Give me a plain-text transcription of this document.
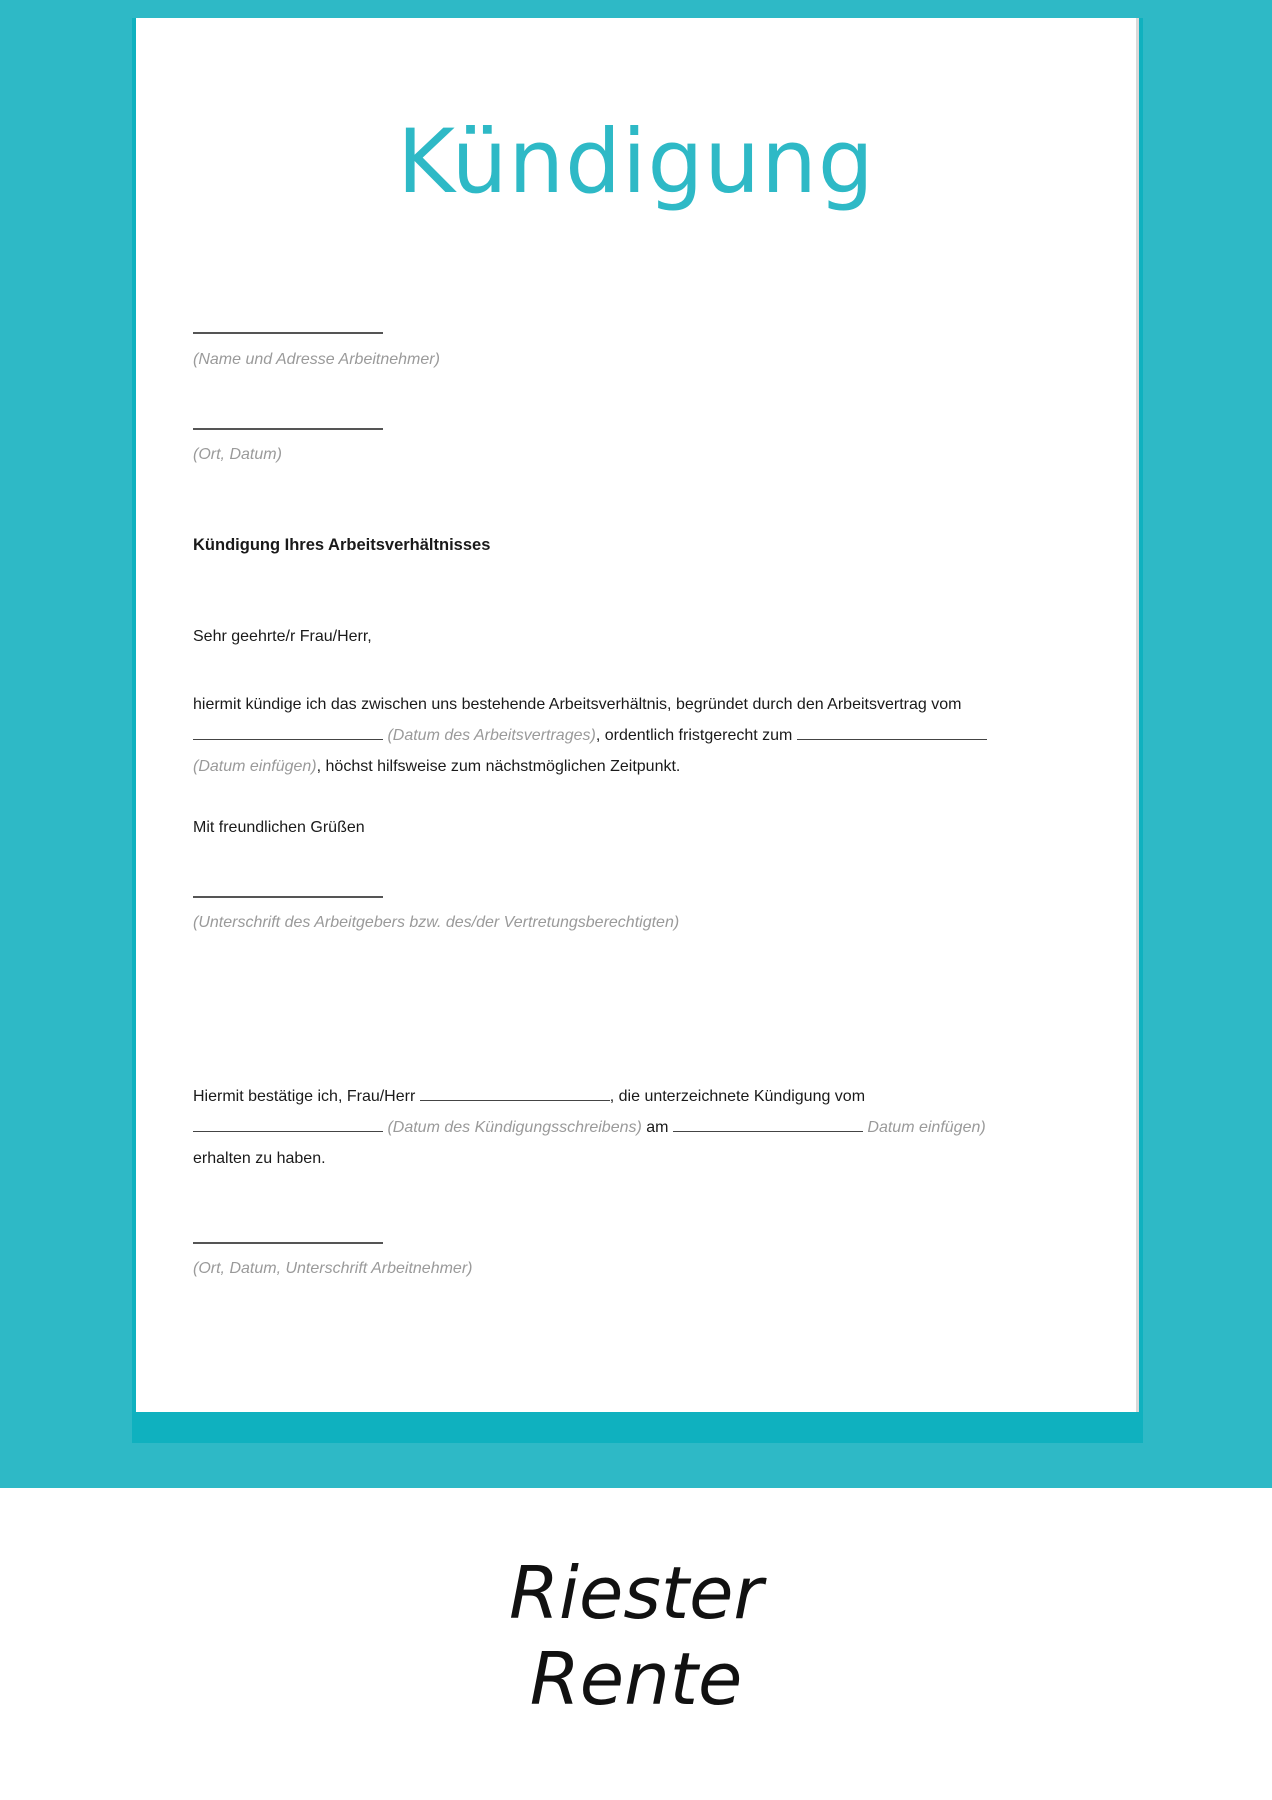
Kündigung
(Name und Adresse Arbeitnehmer)
(Ort, Datum)
Kündigung Ihres Arbeitsverhältnisses
Sehr geehrte/r Frau/Herr,
hiermit kündige ich das zwischen uns bestehende Arbeitsverhältnis, begründet durch den Arbeitsvertrag vom
(Datum des Arbeitsvertrages), ordentlich fristgerecht zum
(Datum einfügen), höchst hilfsweise zum nächstmöglichen Zeitpunkt.
Mit freundlichen Grüßen
(Unterschrift des Arbeitgebers bzw. des/der Vertretungsberechtigten)
Hiermit bestätige ich, Frau/Herr	, die unterzeichnete Kündigung vom
(Datum des Kündigungsschreibens) am	Datum einfügen)
erhalten zu haben.
(Ort, Datum, Unterschrift Arbeitnehmer)
Riester
Rente
